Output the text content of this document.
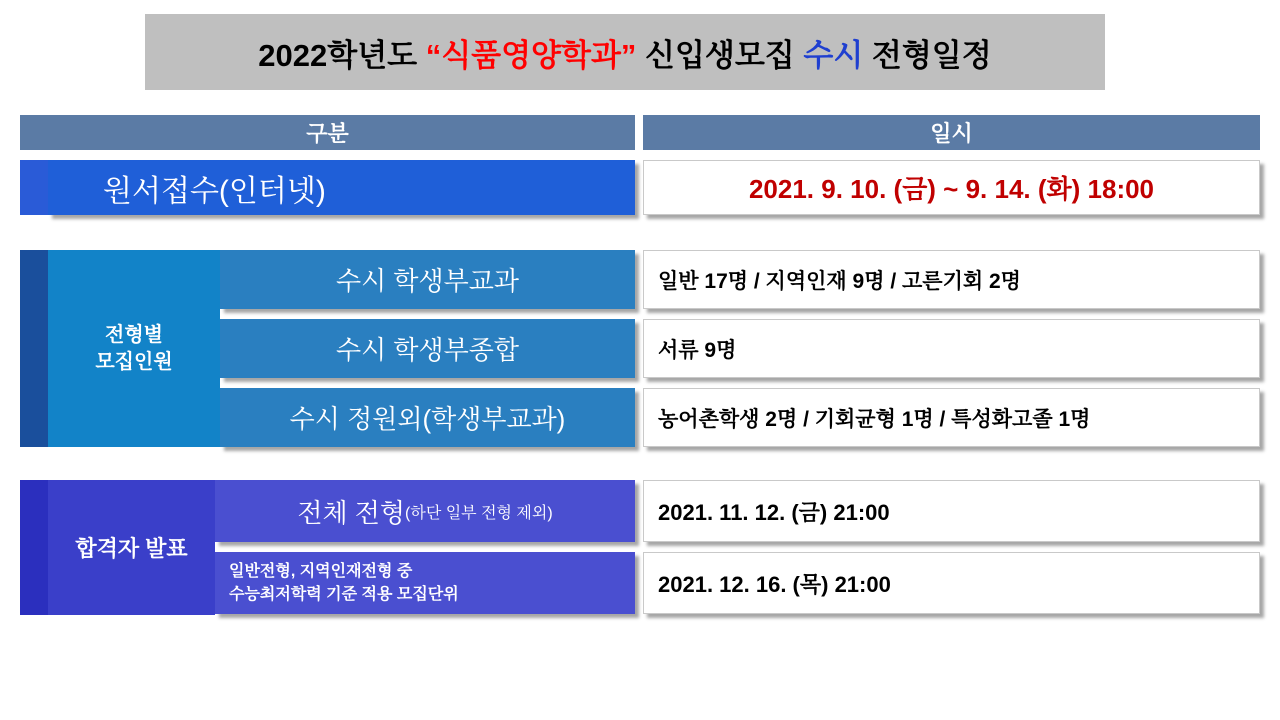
2022학년도 “식품영양학과” 신입생모집 수시 전형일정
구분	일시
원서접수(인터넷)	2021. 9. 10. (금) ~ 9. 14. (화) 18:00
전형별
모집인원
수시 학생부교과
수시 학생부종합
수시 정원외(학생부교과)
일반 17명 / 지역인재 9명 / 고른기회 2명
서류 9명
농어촌학생 2명 / 기회균형 1명 / 특성화고졸 1명
합격자 발표
전체 전형 (하단 일부 전형 제외)
일반전형, 지역인재전형 중
수능최저학력 기준 적용 모집단위
2021. 11. 12. (금) 21:00
2021. 12. 16. (목) 21:00
